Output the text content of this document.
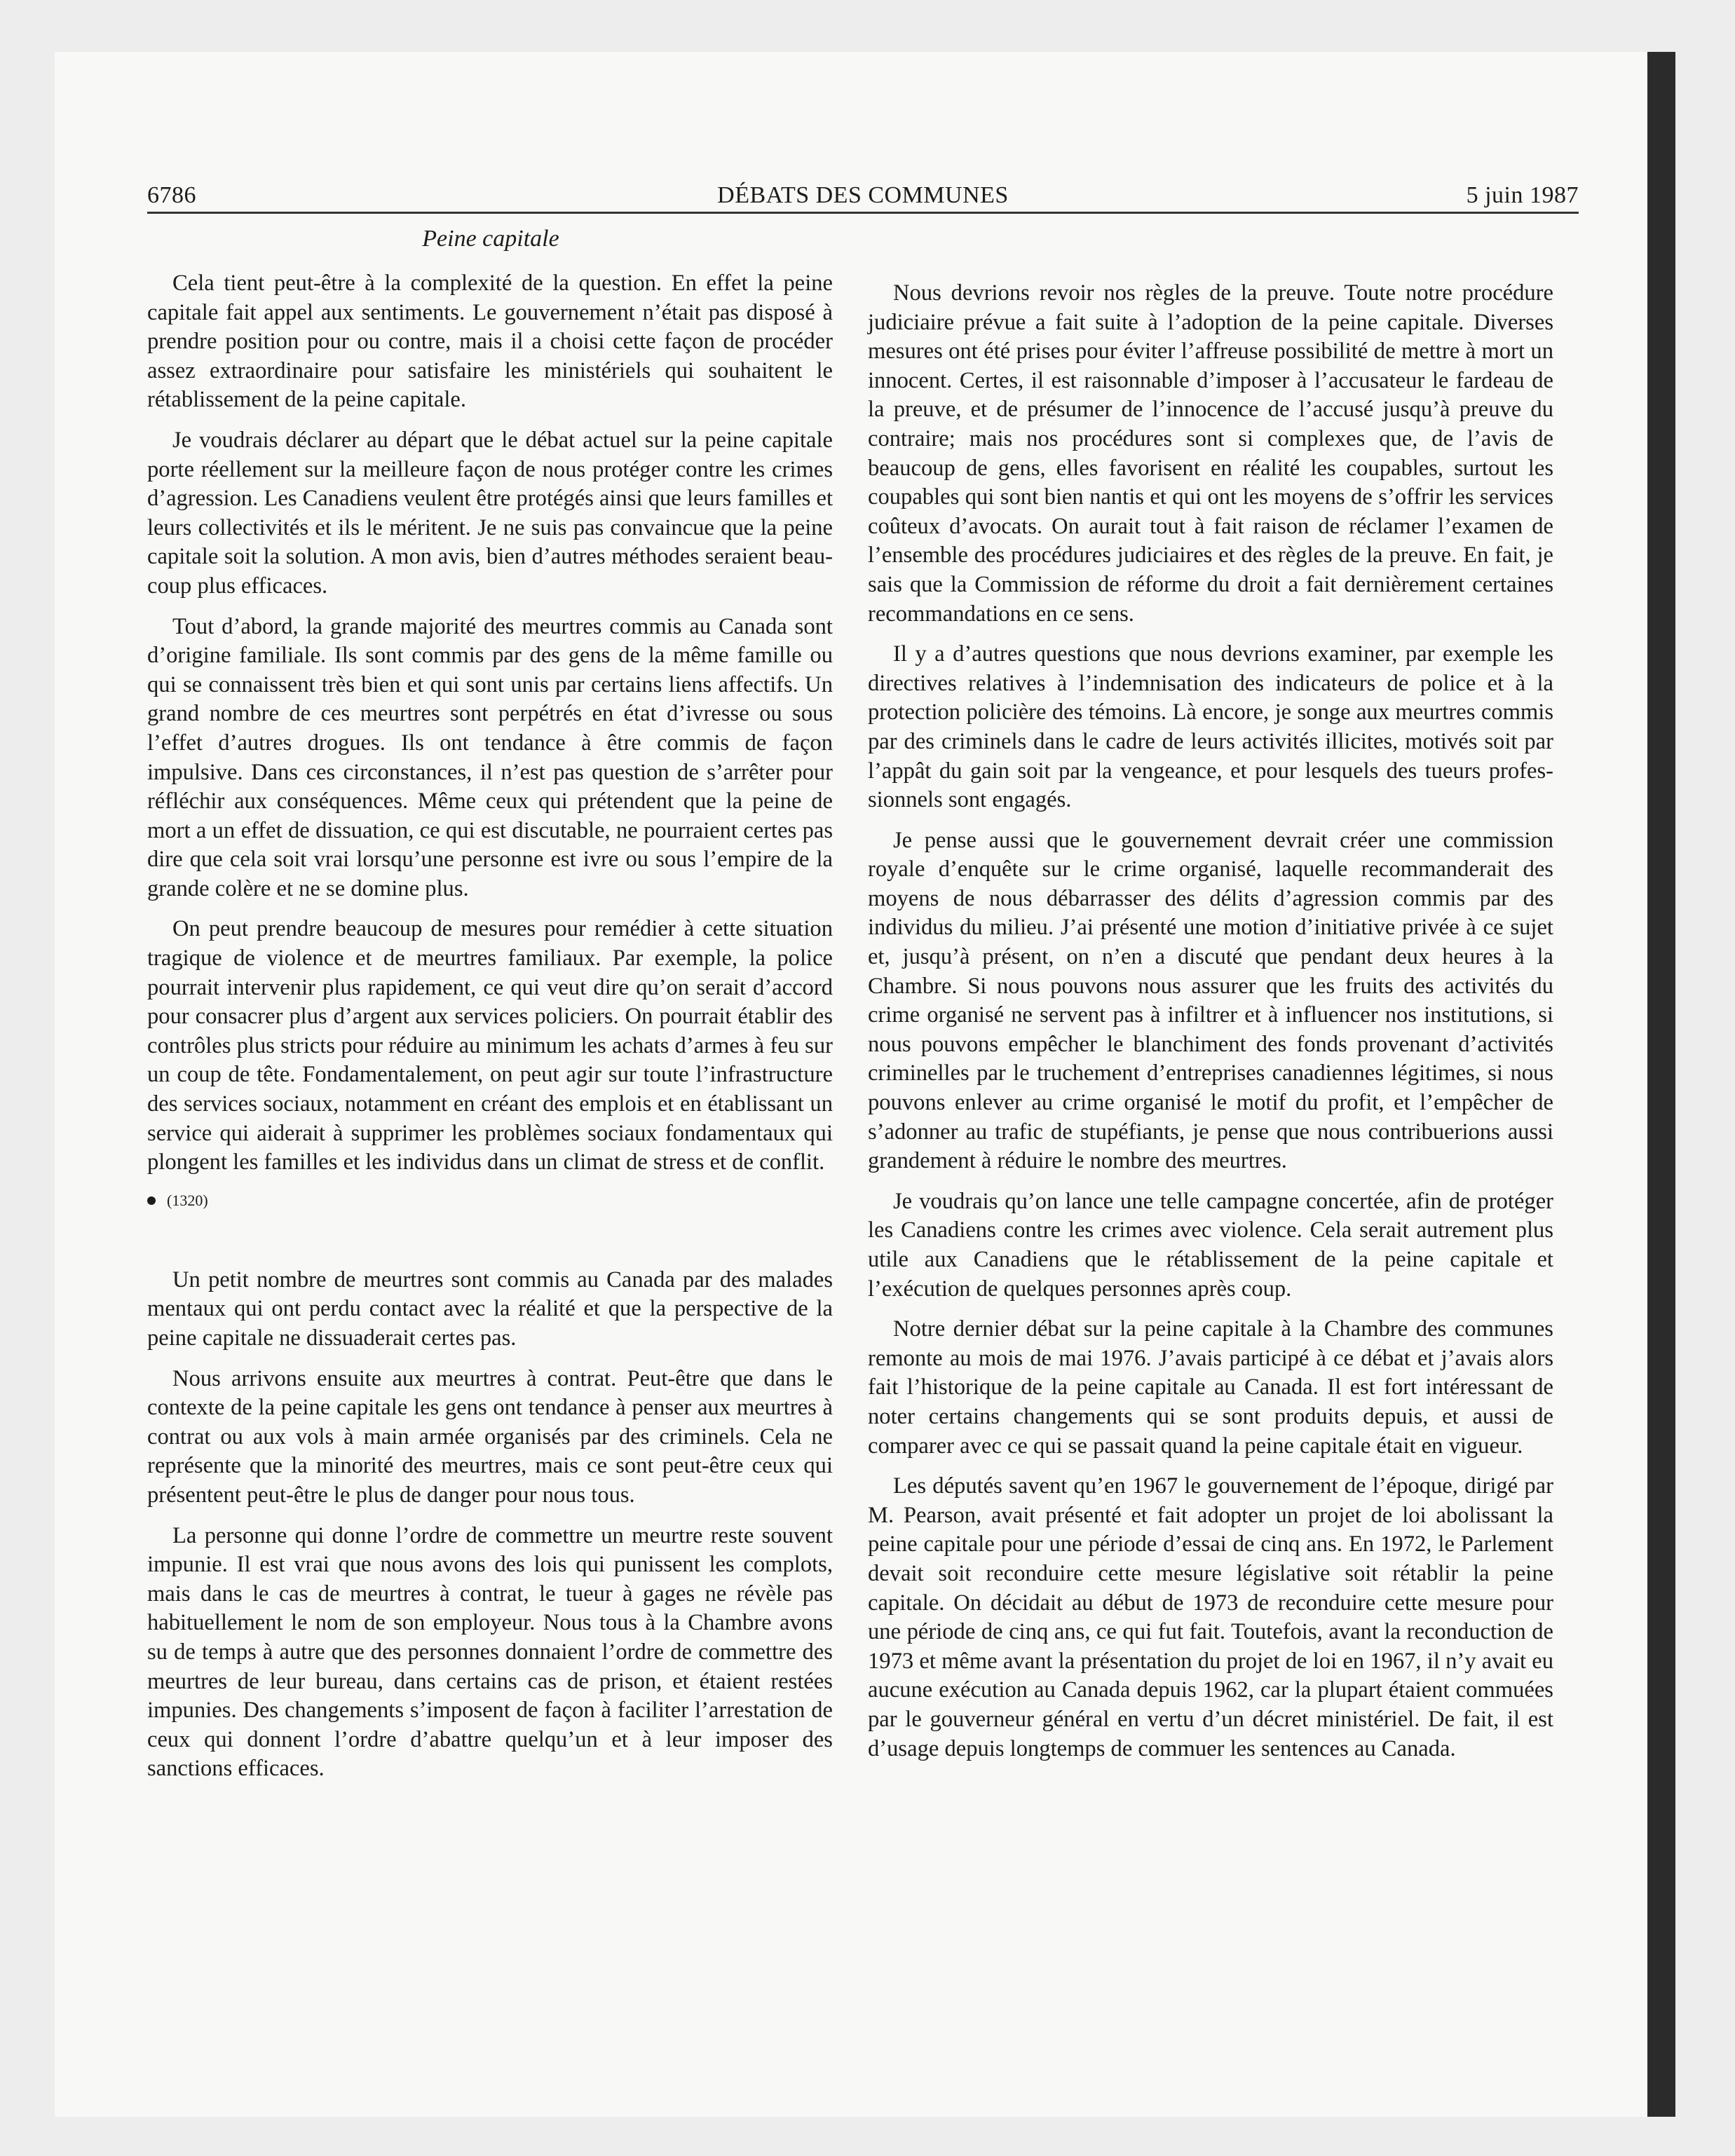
6786	DÉBATS DES COMMUNES	5 juin 1987
Peine capitale

Cela tient peut-être à la complexité de la question. En effet la peine capitale fait appel aux sentiments. Le gouvernement n’était pas disposé à prendre position pour ou contre, mais il a choisi cette façon de procéder assez extraordinaire pour satisfaire les ministériels qui souhaitent le rétablissement de la peine capitale.

Je voudrais déclarer au départ que le débat actuel sur la peine capitale porte réellement sur la meilleure façon de nous protéger contre les crimes d’agression. Les Canadiens veulent être protégés ainsi que leurs familles et leurs collectivités et ils le méritent. Je ne suis pas convaincue que la peine capitale soit la solution. A mon avis, bien d’autres méthodes seraient beaucoup plus efficaces.

Tout d’abord, la grande majorité des meurtres commis au Canada sont d’origine familiale. Ils sont commis par des gens de la même famille ou qui se connaissent très bien et qui sont unis par certains liens affectifs. Un grand nombre de ces meurtres sont perpétrés en état d’ivresse ou sous l’effet d’autres drogues. Ils ont tendance à être commis de façon impulsive. Dans ces circonstances, il n’est pas question de s’arrêter pour réfléchir aux conséquences. Même ceux qui prétendent que la peine de mort a un effet de dissuation, ce qui est discutable, ne pourraient certes pas dire que cela soit vrai lorsqu’une personne est ivre ou sous l’empire de la grande colère et ne se domine plus.

On peut prendre beaucoup de mesures pour remédier à cette situation tragique de violence et de meurtres familiaux. Par exemple, la police pourrait intervenir plus rapidement, ce qui veut dire qu’on serait d’accord pour consacrer plus d’argent aux services policiers. On pourrait établir des contrôles plus stricts pour réduire au minimum les achats d’armes à feu sur un coup de tête. Fondamentalement, on peut agir sur toute l’infrastructure des services sociaux, notamment en créant des emplois et en établissant un service qui aiderait à supprimer les problèmes sociaux fondamentaux qui plongent les familles et les individus dans un climat de stress et de conflit.

(1320)

Un petit nombre de meurtres sont commis au Canada par des malades mentaux qui ont perdu contact avec la réalité et que la perspective de la peine capitale ne dissuaderait certes pas.

Nous arrivons ensuite aux meurtres à contrat. Peut-être que dans le contexte de la peine capitale les gens ont tendance à penser aux meurtres à contrat ou aux vols à main armée organisés par des criminels. Cela ne représente que la minorité des meurtres, mais ce sont peut-être ceux qui présentent peut-être le plus de danger pour nous tous.

La personne qui donne l’ordre de commettre un meurtre reste souvent impunie. Il est vrai que nous avons des lois qui punissent les complots, mais dans le cas de meurtres à contrat, le tueur à gages ne révèle pas habituellement le nom de son employeur. Nous tous à la Chambre avons su de temps à autre que des personnes donnaient l’ordre de commettre des meurtres de leur bureau, dans certains cas de prison, et étaient restées impunies. Des changements s’imposent de façon à faciliter l’arrestation de ceux qui donnent l’ordre d’abattre quelqu’un et à leur imposer des sanctions efficaces.

Nous devrions revoir nos règles de la preuve. Toute notre procédure judiciaire prévue a fait suite à l’adoption de la peine capitale. Diverses mesures ont été prises pour éviter l’affreuse possibilité de mettre à mort un innocent. Certes, il est raisonnable d’imposer à l’accusateur le fardeau de la preuve, et de présumer de l’innocence de l’accusé jusqu’à preuve du contraire; mais nos procédures sont si complexes que, de l’avis de beaucoup de gens, elles favorisent en réalité les coupables, surtout les coupables qui sont bien nantis et qui ont les moyens de s’offrir les services coûteux d’avocats. On aurait tout à fait raison de réclamer l’examen de l’ensemble des procédures judiciaires et des règles de la preuve. En fait, je sais que la Commission de réforme du droit a fait dernièrement certaines recommandations en ce sens.

Il y a d’autres questions que nous devrions examiner, par exemple les directives relatives à l’indemnisation des indicateurs de police et à la protection policière des témoins. Là encore, je songe aux meurtres commis par des criminels dans le cadre de leurs activités illicites, motivés soit par l’appât du gain soit par la vengeance, et pour lesquels des tueurs professionnels sont engagés.

Je pense aussi que le gouvernement devrait créer une commission royale d’enquête sur le crime organisé, laquelle recommanderait des moyens de nous débarrasser des délits d’agression commis par des individus du milieu. J’ai présenté une motion d’initiative privée à ce sujet et, jusqu’à présent, on n’en a discuté que pendant deux heures à la Chambre. Si nous pouvons nous assurer que les fruits des activités du crime organisé ne servent pas à infiltrer et à influencer nos institutions, si nous pouvons empêcher le blanchiment des fonds provenant d’activités criminelles par le truchement d’entreprises canadiennes légitimes, si nous pouvons enlever au crime organisé le motif du profit, et l’empêcher de s’adonner au trafic de stupéfiants, je pense que nous contribuerions aussi grandement à réduire le nombre des meurtres.

Je voudrais qu’on lance une telle campagne concertée, afin de protéger les Canadiens contre les crimes avec violence. Cela serait autrement plus utile aux Canadiens que le rétablissement de la peine capitale et l’exécution de quelques personnes après coup.

Notre dernier débat sur la peine capitale à la Chambre des communes remonte au mois de mai 1976. J’avais participé à ce débat et j’avais alors fait l’historique de la peine capitale au Canada. Il est fort intéressant de noter certains changements qui se sont produits depuis, et aussi de comparer avec ce qui se passait quand la peine capitale était en vigueur.

Les députés savent qu’en 1967 le gouvernement de l’époque, dirigé par M. Pearson, avait présenté et fait adopter un projet de loi abolissant la peine capitale pour une période d’essai de cinq ans. En 1972, le Parlement devait soit reconduire cette mesure législative soit rétablir la peine capitale. On décidait au début de 1973 de reconduire cette mesure pour une période de cinq ans, ce qui fut fait. Toutefois, avant la reconduction de 1973 et même avant la présentation du projet de loi en 1967, il n’y avait eu aucune exécution au Canada depuis 1962, car la plupart étaient commuées par le gouverneur général en vertu d’un décret ministériel. De fait, il est d’usage depuis longtemps de commuer les sentences au Canada.
